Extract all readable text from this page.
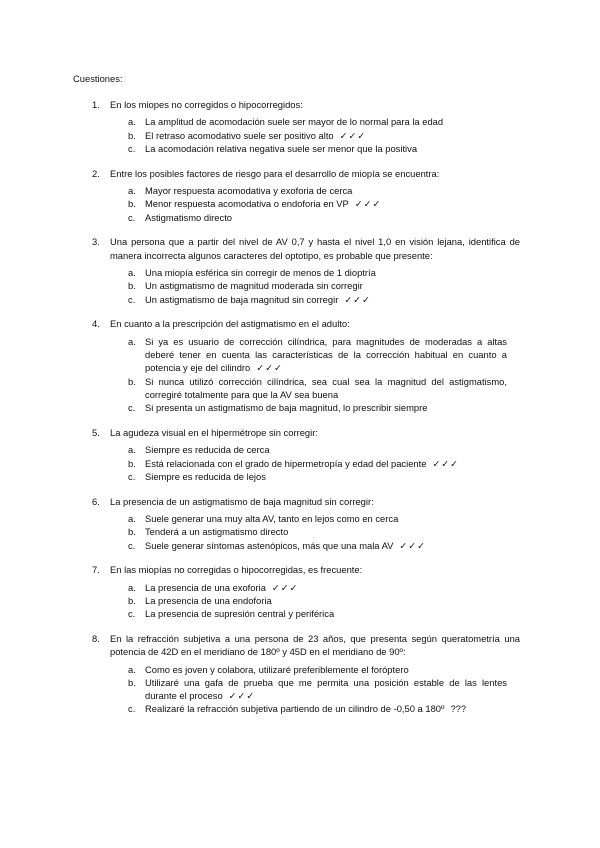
Cuestiones:
1.	En los miopes no corregidos o hipocorregidos:
a. La amplitud de acomodación suele ser mayor de lo normal para la edad
b. El retraso acomodativo suele ser positivo alto ✓✓✓
c. La acomodación relativa negativa suele ser menor que la positiva
2.	Entre los posibles factores de riesgo para el desarrollo de miopía se encuentra:
a. Mayor respuesta acomodativa y exoforia de cerca
b. Menor respuesta acomodativa o endoforia en VP ✓✓✓
c. Astigmatismo directo
3.	Una persona que a partir del nivel de AV 0,7 y hasta el nivel 1,0 en visión lejana, identifica de manera incorrecta algunos caracteres del optotipo, es probable que presente:
a. Una miopía esférica sin corregir de menos de 1 dioptría
b. Un astigmatismo de magnitud moderada sin corregir
c. Un astigmatismo de baja magnitud sin corregir ✓✓✓
4.	En cuanto a la prescripción del astigmatismo en el adulto:
a. Si ya es usuario de corrección cilíndrica, para magnitudes de moderadas a altas deberé tener en cuenta las características de la corrección habitual en cuanto a potencia y eje del cilindro ✓✓✓
b. Si nunca utilizó corrección cilíndrica, sea cual sea la magnitud del astigmatismo, corregiré totalmente para que la AV sea buena
c. Si presenta un astigmatismo de baja magnitud, lo prescribir siempre
5.	La agudeza visual en el hipermétrope sin corregir:
a. Siempre es reducida de cerca
b. Está relacionada con el grado de hipermetropía y edad del paciente ✓✓✓
c. Siempre es reducida de lejos
6.	La presencia de un astigmatismo de baja magnitud sin corregir:
a. Suele generar una muy alta AV, tanto en lejos como en cerca
b. Tenderá a un astigmatismo directo
c. Suele generar síntomas astenópicos, más que una mala AV ✓✓✓
7.	En las miopías no corregidas o hipocorregidas, es frecuente:
a. La presencia de una exoforia ✓✓✓
b. La presencia de una endoforia
c. La presencia de supresión central y periférica
8.	En la refracción subjetiva a una persona de 23 años, que presenta según queratometría una potencia de 42D en el meridiano de 180º y 45D en el meridiano de 90º:
a. Como es joven y colabora, utilizaré preferiblemente el foróptero
b. Utilizaré una gafa de prueba que me permita una posición estable de las lentes durante el proceso ✓✓✓
c. Realizaré la refracción subjetiva partiendo de un cilindro de -0,50 a 180º ???
